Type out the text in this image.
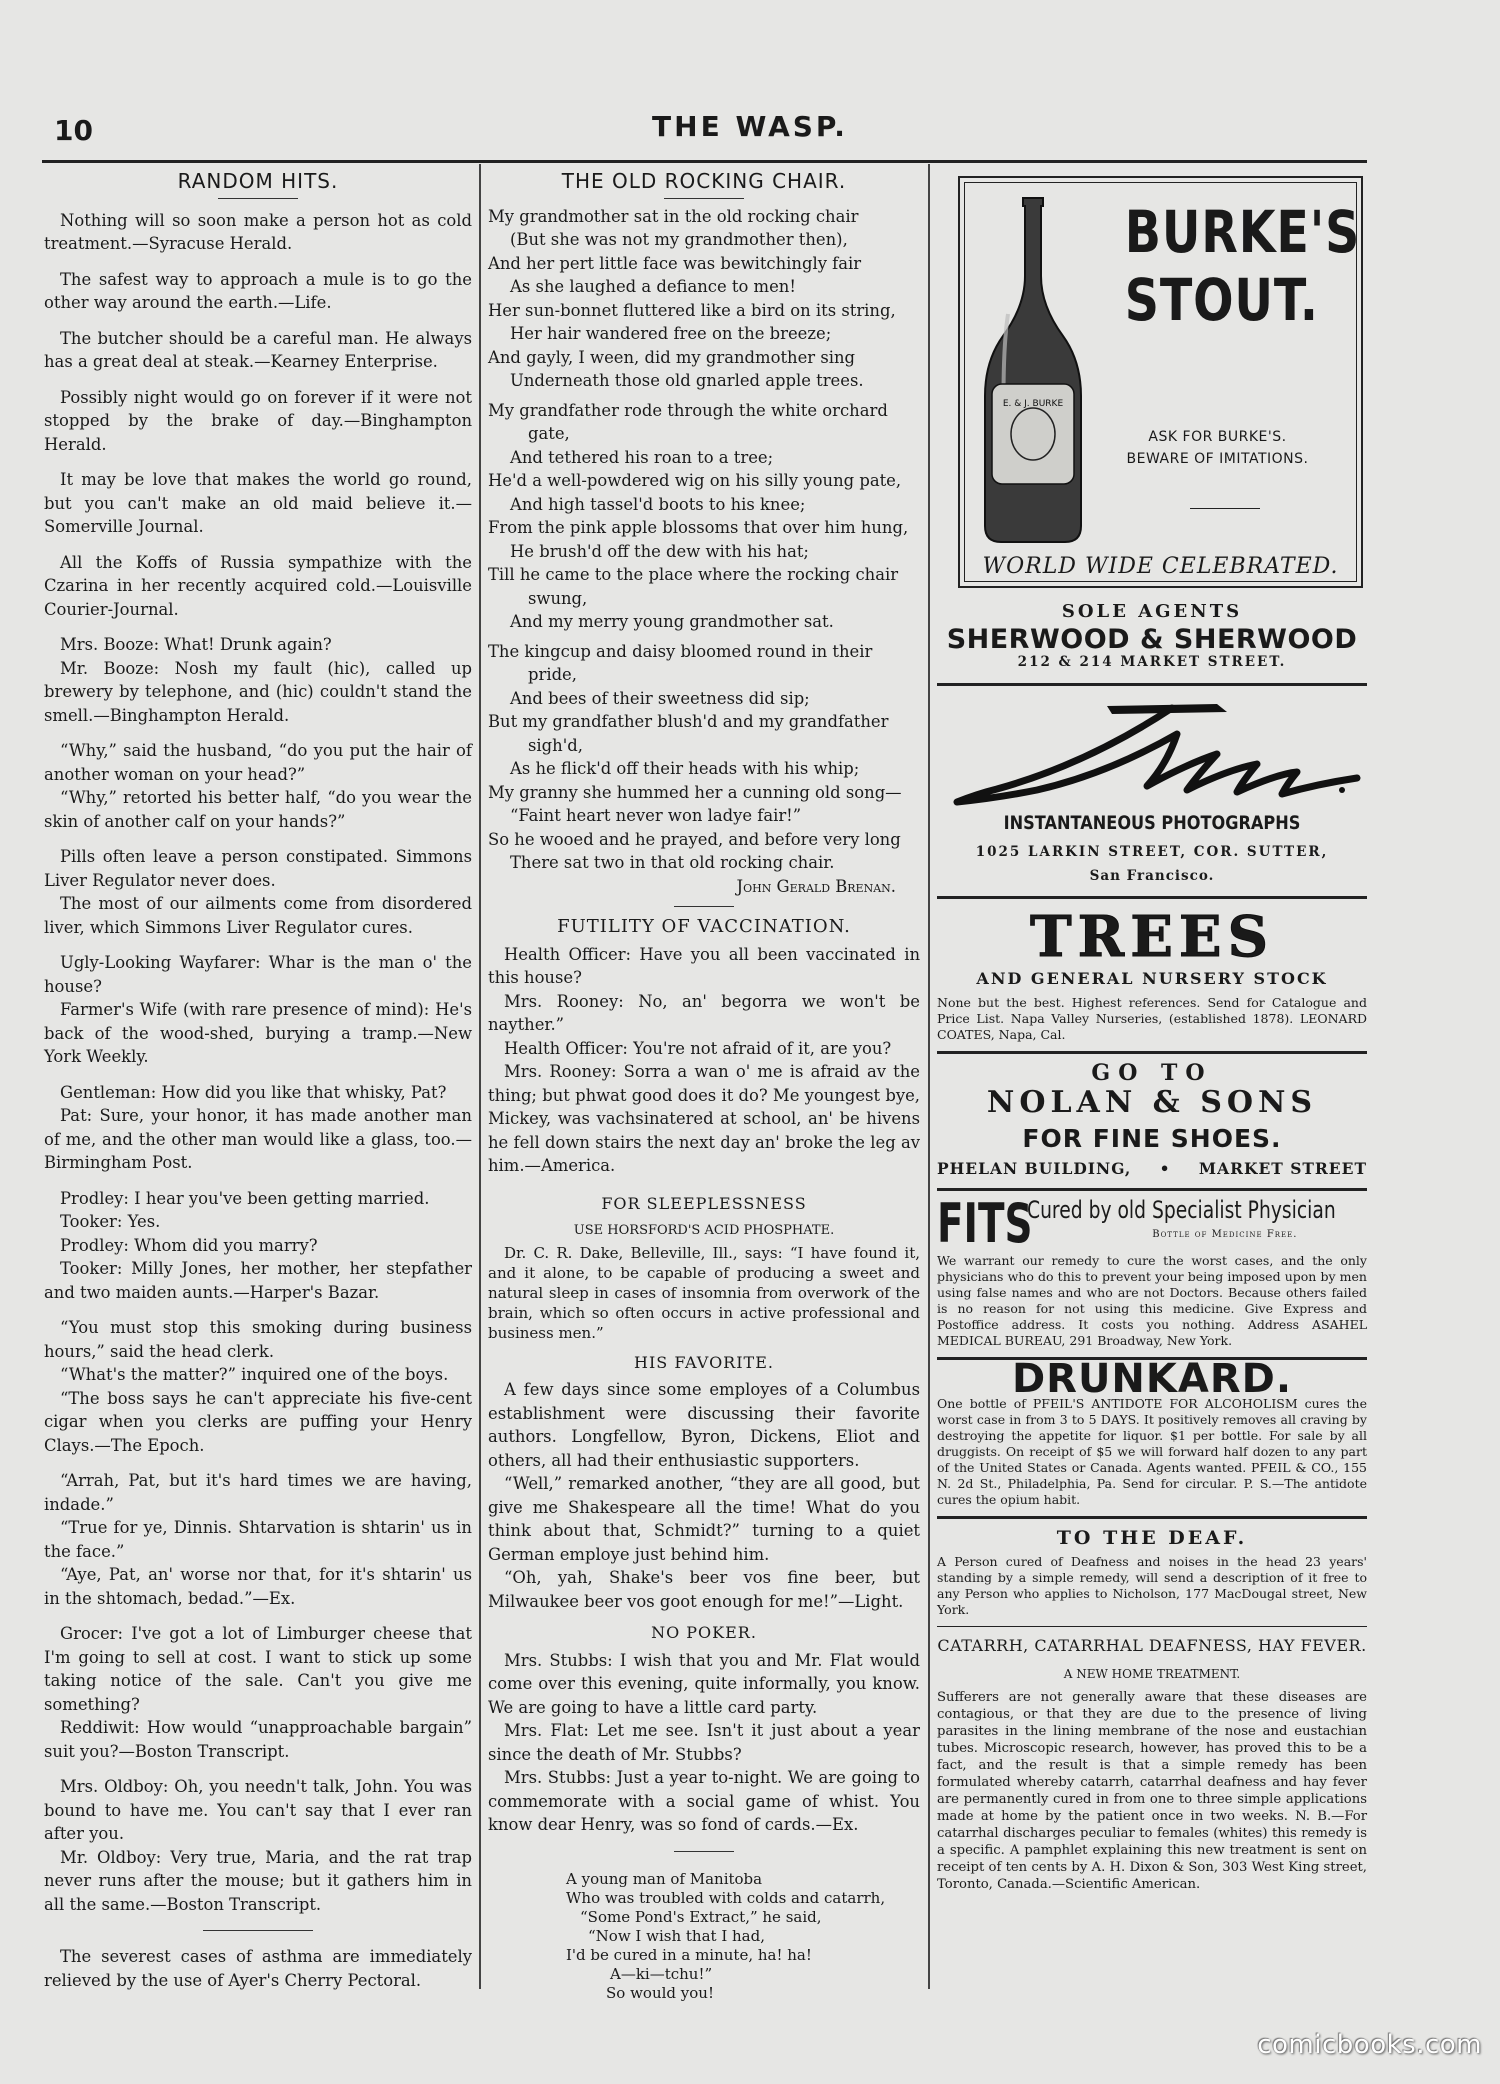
10	THE WASP.
RANDOM HITS.
Nothing will so soon make a person hot as cold treatment.—Syracuse Herald.
The safest way to approach a mule is to go the other way around the earth.—Life.
The butcher should be a careful man. He always has a great deal at steak.—Kearney Enterprise.
Possibly night would go on forever if it were not stopped by the brake of day.—Binghampton Herald.
It may be love that makes the world go round, but you can't make an old maid believe it.—Somerville Journal.
All the Koffs of Russia sympathize with the Czarina in her recently acquired cold.—Louisville Courier-Journal.
Mrs. Booze: What! Drunk again?
Mr. Booze: Nosh my fault (hic), called up brewery by telephone, and (hic) couldn't stand the smell.—Binghampton Herald.
“Why,” said the husband, “do you put the hair of another woman on your head?”
“Why,” retorted his better half, “do you wear the skin of another calf on your hands?”
Pills often leave a person constipated. Simmons Liver Regulator never does.
The most of our ailments come from disordered liver, which Simmons Liver Regulator cures.
Ugly-Looking Wayfarer: Whar is the man o' the house?
Farmer's Wife (with rare presence of mind): He's back of the wood-shed, burying a tramp.—New York Weekly.
Gentleman: How did you like that whisky, Pat?
Pat: Sure, your honor, it has made another man of me, and the other man would like a glass, too.—Birmingham Post.
Prodley: I hear you've been getting married.
Tooker: Yes.
Prodley: Whom did you marry?
Tooker: Milly Jones, her mother, her stepfather and two maiden aunts.—Harper's Bazar.
“You must stop this smoking during business hours,” said the head clerk.
“What's the matter?” inquired one of the boys.
“The boss says he can't appreciate his five-cent cigar when you clerks are puffing your Henry Clays.—The Epoch.
“Arrah, Pat, but it's hard times we are having, indade.”
“True for ye, Dinnis. Shtarvation is shtarin' us in the face.”
“Aye, Pat, an' worse nor that, for it's shtarin' us in the shtomach, bedad.”—Ex.
Grocer: I've got a lot of Limburger cheese that I'm going to sell at cost. I want to stick up some taking notice of the sale. Can't you give me something?
Reddiwit: How would “unapproachable bargain” suit you?—Boston Transcript.
Mrs. Oldboy: Oh, you needn't talk, John. You was bound to have me. You can't say that I ever ran after you.
Mr. Oldboy: Very true, Maria, and the rat trap never runs after the mouse; but it gathers him in all the same.—Boston Transcript.
The severest cases of asthma are immediately relieved by the use of Ayer's Cherry Pectoral.
THE OLD ROCKING CHAIR.
My grandmother sat in the old rocking chair
(But she was not my grandmother then),
And her pert little face was bewitchingly fair
As she laughed a defiance to men!
Her sun-bonnet fluttered like a bird on its string,
Her hair wandered free on the breeze;
And gayly, I ween, did my grandmother sing
Underneath those old gnarled apple trees.
My grandfather rode through the white orchard
gate,
And tethered his roan to a tree;
He'd a well-powdered wig on his silly young pate,
And high tassel'd boots to his knee;
From the pink apple blossoms that over him hung,
He brush'd off the dew with his hat;
Till he came to the place where the rocking chair
swung,
And my merry young grandmother sat.
The kingcup and daisy bloomed round in their
pride,
And bees of their sweetness did sip;
But my grandfather blush'd and my grandfather
sigh'd,
As he flick'd off their heads with his whip;
My granny she hummed her a cunning old song—
“Faint heart never won ladye fair!”
So he wooed and he prayed, and before very long
There sat two in that old rocking chair.
John Gerald Brenan.
FUTILITY OF VACCINATION.
Health Officer: Have you all been vaccinated in this house?
Mrs. Rooney: No, an' begorra we won't be nayther.”
Health Officer: You're not afraid of it, are you?
Mrs. Rooney: Sorra a wan o' me is afraid av the thing; but phwat good does it do? Me youngest bye, Mickey, was vachsinatered at school, an' be hivens he fell down stairs the next day an' broke the leg av him.—America.
FOR SLEEPLESSNESS
USE HORSFORD'S ACID PHOSPHATE.
Dr. C. R. Dake, Belleville, Ill., says: “I have found it, and it alone, to be capable of producing a sweet and natural sleep in cases of insomnia from overwork of the brain, which so often occurs in active professional and business men.”
HIS FAVORITE.
A few days since some employes of a Columbus establishment were discussing their favorite authors. Longfellow, Byron, Dickens, Eliot and others, all had their enthusiastic supporters.
“Well,” remarked another, “they are all good, but give me Shakespeare all the time! What do you think about that, Schmidt?” turning to a quiet German employe just behind him.
“Oh, yah, Shake's beer vos fine beer, but Milwaukee beer vos goot enough for me!”—Light.
NO POKER.
Mrs. Stubbs: I wish that you and Mr. Flat would come over this evening, quite informally, you know. We are going to have a little card party.
Mrs. Flat: Let me see. Isn't it just about a year since the death of Mr. Stubbs?
Mrs. Stubbs: Just a year to-night. We are going to commemorate with a social game of whist. You know dear Henry, was so fond of cards.—Ex.
A young man of Manitoba
Who was troubled with colds and catarrh,
“Some Pond's Extract,” he said,
“Now I wish that I had,
I'd be cured in a minute, ha! ha!
A—ki—tchu!”
So would you!
E. & J. BURKE
BURKE'S
STOUT.
ASK FOR BURKE'S.
BEWARE OF IMITATIONS.
WORLD WIDE CELEBRATED.
SOLE AGENTS
SHERWOOD & SHERWOOD
212 & 214 MARKET STREET.
INSTANTANEOUS PHOTOGRAPHS
1025 LARKIN STREET, COR. SUTTER,
San Francisco.
TREES
AND GENERAL NURSERY STOCK
None but the best. Highest references. Send for Catalogue and Price List. Napa Valley Nurseries, (established 1878). LEONARD COATES, Napa, Cal.
GO TO
NOLAN & SONS
FOR FINE SHOES.
PHELAN BUILDING, • MARKET STREET
FITS
Cured by old Specialist Physician
Bottle of Medicine Free.
We warrant our remedy to cure the worst cases, and the only physicians who do this to prevent your being imposed upon by men using false names and who are not Doctors. Because others failed is no reason for not using this medicine. Give Express and Postoffice address. It costs you nothing. Address ASAHEL MEDICAL BUREAU, 291 Broadway, New York.
DRUNKARD.
One bottle of PFEIL'S ANTIDOTE FOR ALCOHOLISM cures the worst case in from 3 to 5 DAYS. It positively removes all craving by destroying the appetite for liquor. $1 per bottle. For sale by all druggists. On receipt of $5 we will forward half dozen to any part of the United States or Canada. Agents wanted. PFEIL & CO., 155 N. 2d St., Philadelphia, Pa. Send for circular. P. S.—The antidote cures the opium habit.
TO THE DEAF.
A Person cured of Deafness and noises in the head 23 years' standing by a simple remedy, will send a description of it free to any Person who applies to Nicholson, 177 MacDougal street, New York.
CATARRH, CATARRHAL DEAFNESS, HAY FEVER.
A NEW HOME TREATMENT.
Sufferers are not generally aware that these diseases are contagious, or that they are due to the presence of living parasites in the lining membrane of the nose and eustachian tubes. Microscopic research, however, has proved this to be a fact, and the result is that a simple remedy has been formulated whereby catarrh, catarrhal deafness and hay fever are permanently cured in from one to three simple applications made at home by the patient once in two weeks. N. B.—For catarrhal discharges peculiar to females (whites) this remedy is a specific. A pamphlet explaining this new treatment is sent on receipt of ten cents by A. H. Dixon & Son, 303 West King street, Toronto, Canada.—Scientific American.
comicbooks.com
